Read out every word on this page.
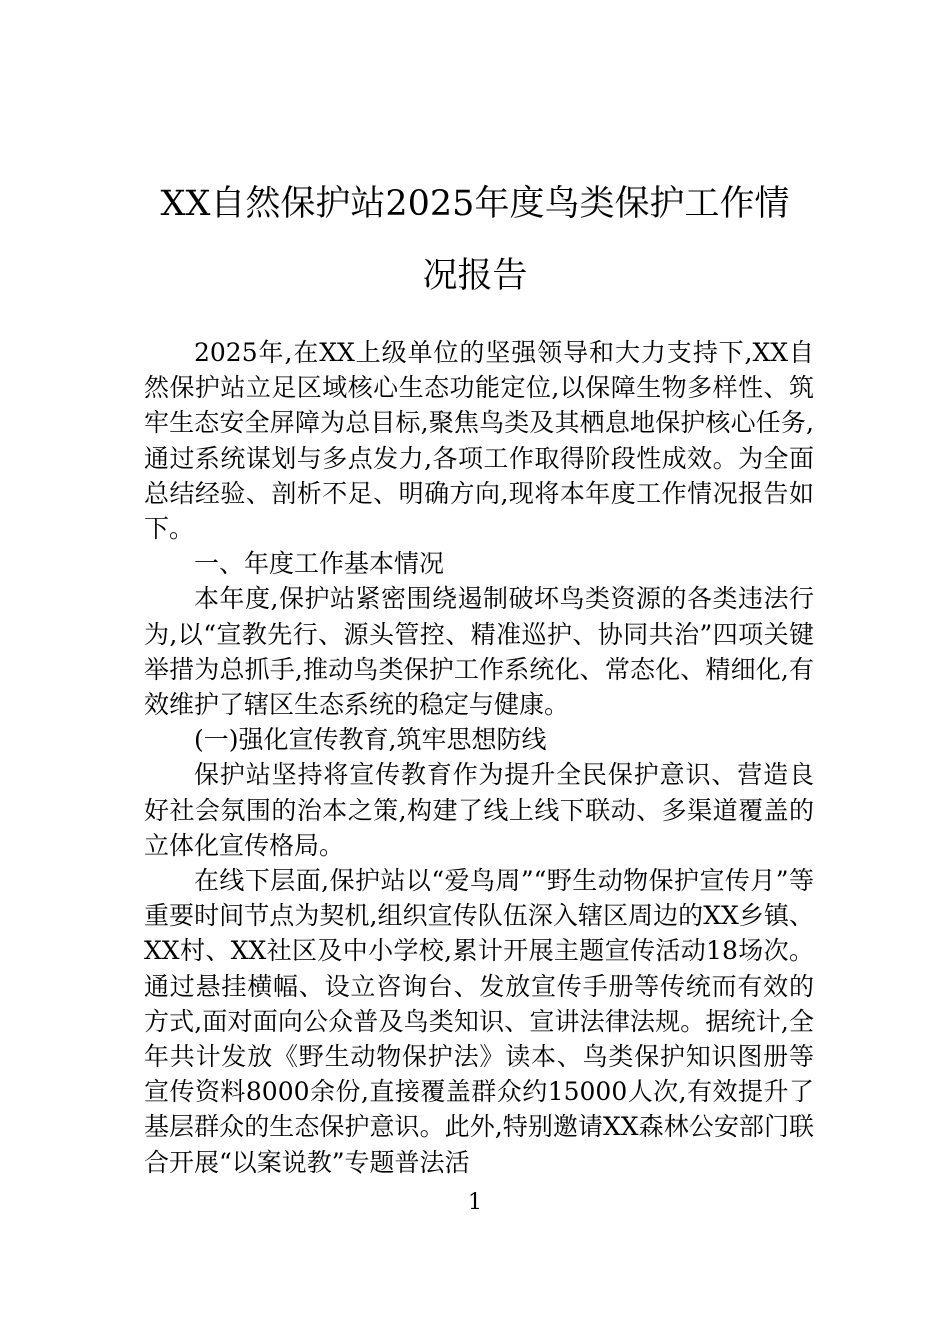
XX自然保护站2025年度鸟类保护工作情
况报告

2025年,在XX上级单位的坚强领导和大力支持下,XX自然保护站立足区域核心生态功能定位,以保障生物多样性、筑牢生态安全屏障为总目标,聚焦鸟类及其栖息地保护核心任务,通过系统谋划与多点发力,各项工作取得阶段性成效。为全面总结经验、剖析不足、明确方向,现将本年度工作情况报告如下。

一、年度工作基本情况

本年度,保护站紧密围绕遏制破坏鸟类资源的各类违法行为,以“宣教先行、源头管控、精准巡护、协同共治”四项关键举措为总抓手,推动鸟类保护工作系统化、常态化、精细化,有效维护了辖区生态系统的稳定与健康。

(一)强化宣传教育,筑牢思想防线

保护站坚持将宣传教育作为提升全民保护意识、营造良好社会氛围的治本之策,构建了线上线下联动、多渠道覆盖的立体化宣传格局。

在线下层面,保护站以“爱鸟周”“野生动物保护宣传月”等重要时间节点为契机,组织宣传队伍深入辖区周边的XX乡镇、XX村、XX社区及中小学校,累计开展主题宣传活动18场次。通过悬挂横幅、设立咨询台、发放宣传手册等传统而有效的方式,面对面向公众普及鸟类知识、宣讲法律法规。据统计,全年共计发放《野生动物保护法》读本、鸟类保护知识图册等宣传资料8000余份,直接覆盖群众约15000人次,有效提升了基层群众的生态保护意识。此外,特别邀请XX森林公安部门联合开展“以案说教”专题普法活

1
